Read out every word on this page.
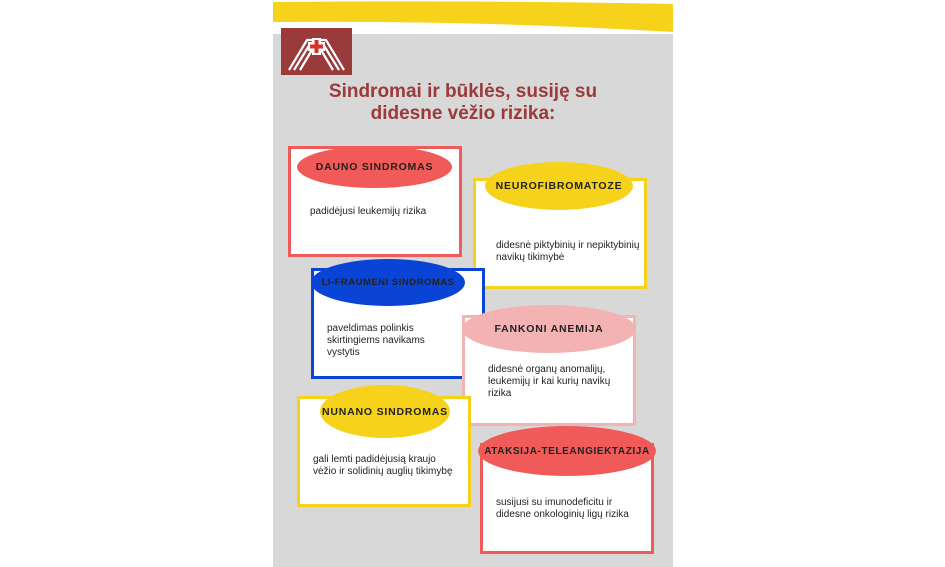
Sindromai ir būklės, susiję su
didesne vėžio rizika:
DAUNO SINDROMAS
padidėjusi leukemijų rizika
NEUROFIBROMATOZE
didesnė piktybinių ir nepiktybinių navikų tikimybė
LI-FRAUMENI SINDROMAS
paveldimas polinkis skirtingiems navikams vystytis
FANKONI ANEMIJA
didesnė organų anomalijų, leukemijų ir kai kurių navikų rizika
NUNANO SINDROMAS
gali lemti padidėjusią kraujo vėžio ir solidinių auglių tikimybę
ATAKSIJA-TELEANGIEKTAZIJA
susijusi su imunodeficitu ir didesne onkologinių ligų rizika
